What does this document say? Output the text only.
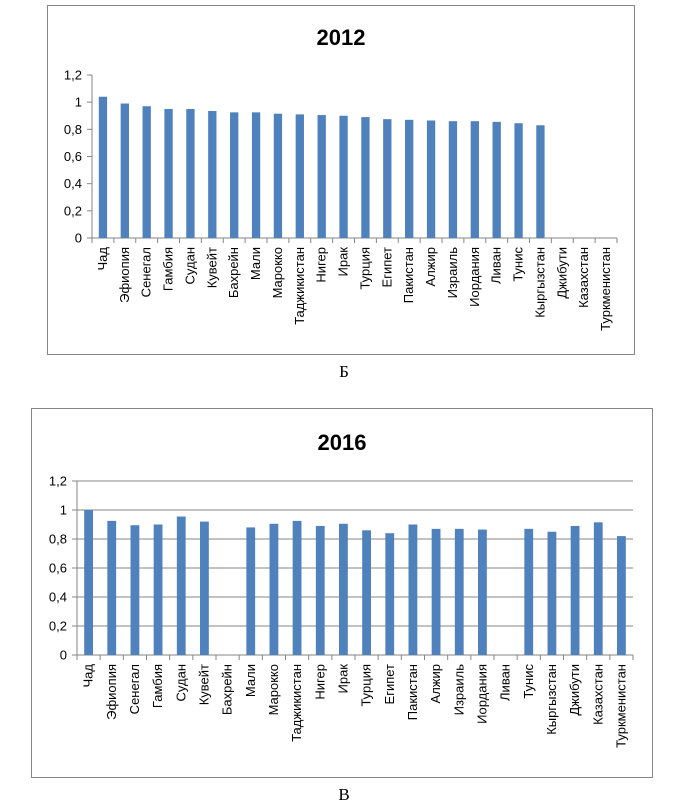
2012
0
0,2
0,4
0,6
0,8
1
1,2
Чад Эфиопия Сенегал Гамбия Судан Кувейт Бахрейн Мали Марокко Таджикистан Нигер Ирак Турция Египет Пакистан Алжир Израиль Иордания Ливан Тунис Кыргызстан Джибути Казахстан Туркменистан
Б
2016
0
0,2
0,4
0,6
0,8
1
1,2
Чад Эфиопия Сенегал Гамбия Судан Кувейт Бахрейн Мали Марокко Таджикистан Нигер Ирак Турция Египет Пакистан Алжир Израиль Иордания Ливан Тунис Кыргызстан Джибути Казахстан Туркменистан
В
